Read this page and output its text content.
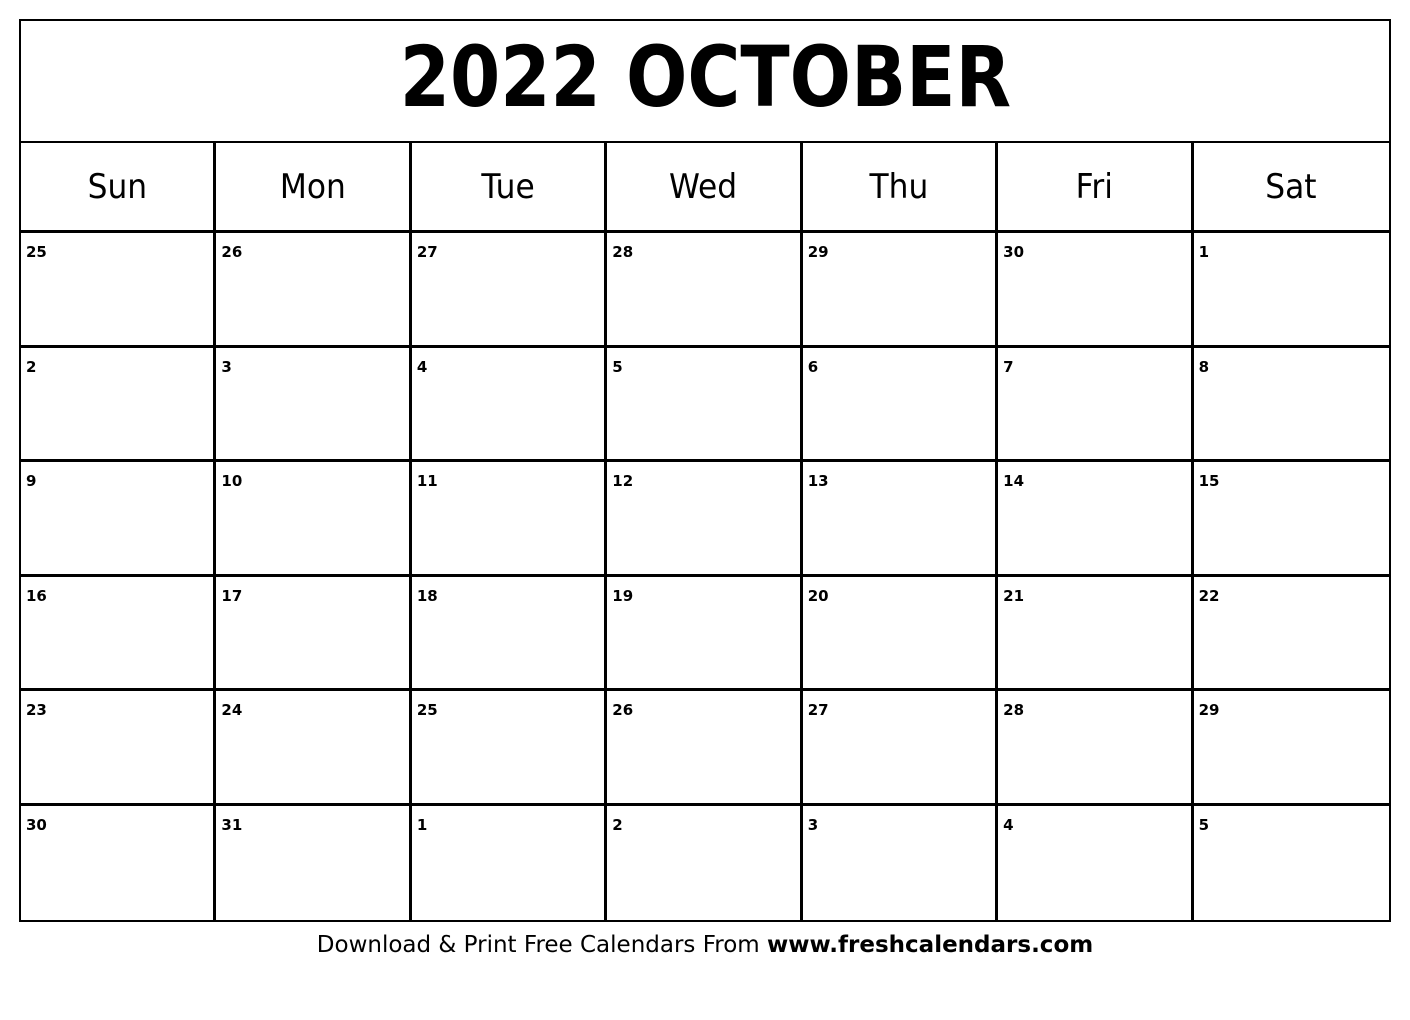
2022 OCTOBER
Sun	Mon	Tue	Wed	Thu	Fri	Sat
25	26	27	28	29	30	1
2	3	4	5	6	7	8
9	10	11	12	13	14	15
16	17	18	19	20	21	22
23	24	25	26	27	28	29
30	31	1	2	3	4	5
Download & Print Free Calendars From www.freshcalendars.com
